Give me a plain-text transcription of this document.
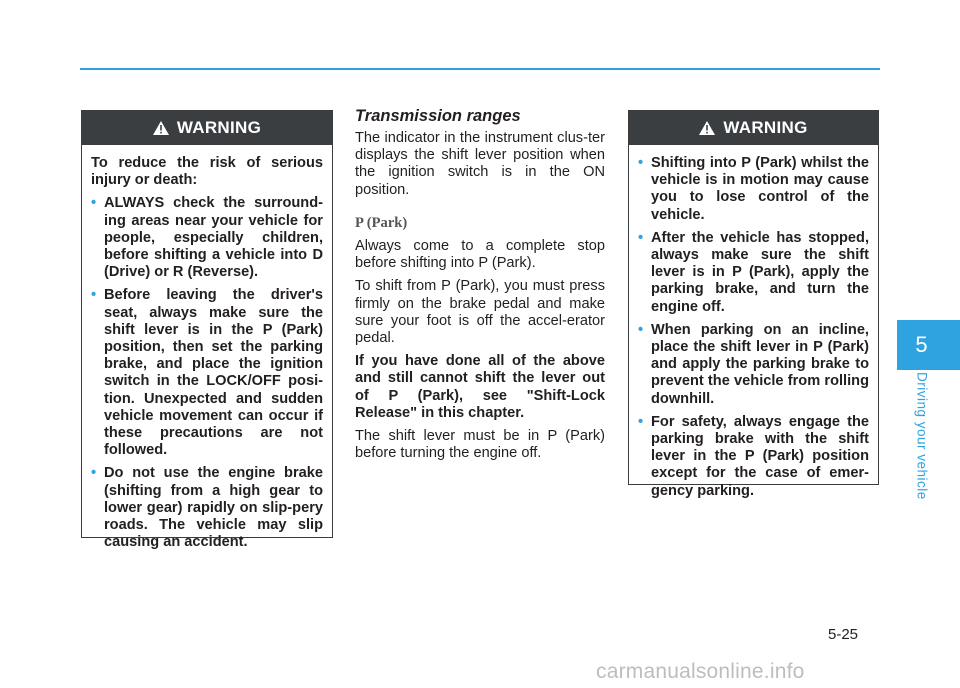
WARNING

To reduce the risk of serious injury or death:

• ALWAYS check the surround-ing areas near your vehicle for people, especially children, before shifting a vehicle into D (Drive) or R (Reverse).
• Before leaving the driver's seat, always make sure the shift lever is in the P (Park) position, then set the parking brake, and place the ignition switch in the LOCK/OFF posi-tion. Unexpected and sudden vehicle movement can occur if these precautions are not followed.
• Do not use the engine brake (shifting from a high gear to lower gear) rapidly on slip-pery roads. The vehicle may slip causing an accident.
Transmission ranges

The indicator in the instrument clus-ter displays the shift lever position when the ignition switch is in the ON position.

P (Park)

Always come to a complete stop before shifting into P (Park).

To shift from P (Park), you must press firmly on the brake pedal and make sure your foot is off the accel-erator pedal.

If you have done all of the above and still cannot shift the lever out of P (Park), see "Shift-Lock Release" in this chapter.

The shift lever must be in P (Park) before turning the engine off.

WARNING
• Shifting into P (Park) whilst the vehicle is in motion may cause you to lose control of the vehicle.
• After the vehicle has stopped, always make sure the shift lever is in P (Park), apply the parking brake, and turn the engine off.
• When parking on an incline, place the shift lever in P (Park) and apply the parking brake to prevent the vehicle from rolling downhill.
• For safety, always engage the parking brake with the shift lever in the P (Park) position except for the case of emer-gency parking.
5
Driving your vehicle
5-25
carmanualsonline.info
